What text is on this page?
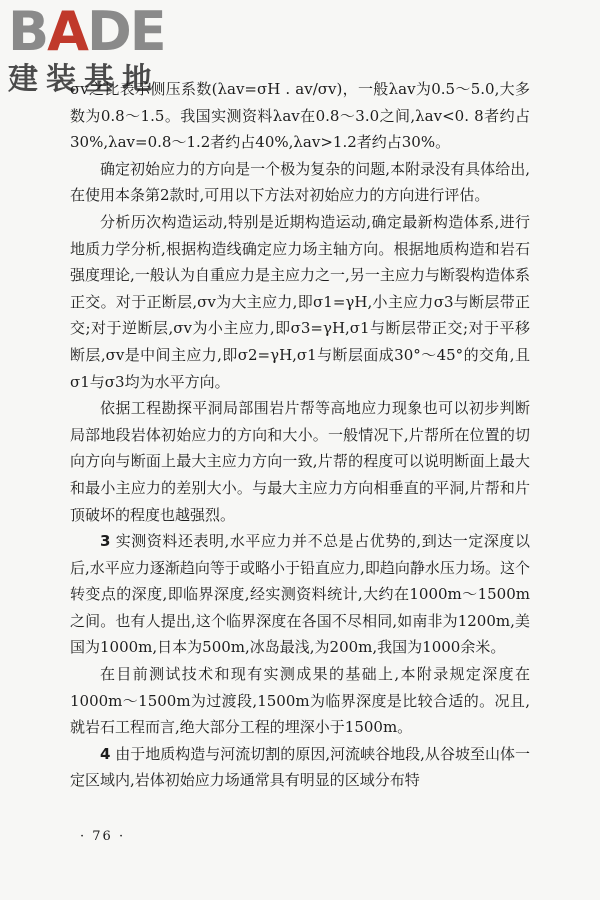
BADE
建装基地

σv之比表示侧压系数(λav=σH . av/σv)，一般λav为0.5～5.0,大多数为0.8～1.5。我国实测资料λav在0.8～3.0之间,λav<0. 8者约占30%,λav=0.8～1.2者约占40%,λav>1.2者约占30%。

确定初始应力的方向是一个极为复杂的问题,本附录没有具体给出,在使用本条第2款时,可用以下方法对初始应力的方向进行评估。

分析历次构造运动,特别是近期构造运动,确定最新构造体系,进行地质力学分析,根据构造线确定应力场主轴方向。根据地质构造和岩石强度理论,一般认为自重应力是主应力之一,另一主应力与断裂构造体系正交。对于正断层,σv为大主应力,即σ1=γH,小主应力σ3与断层带正交;对于逆断层,σv为小主应力,即σ3=γH,σ1与断层带正交;对于平移断层,σv是中间主应力,即σ2=γH,σ1与断层面成30°～45°的交角,且σ1与σ3均为水平方向。

依据工程勘探平洞局部围岩片帮等高地应力现象也可以初步判断局部地段岩体初始应力的方向和大小。一般情况下,片帮所在位置的切向方向与断面上最大主应力方向一致,片帮的程度可以说明断面上最大和最小主应力的差别大小。与最大主应力方向相垂直的平洞,片帮和片顶破坏的程度也越强烈。

3 实测资料还表明,水平应力并不总是占优势的,到达一定深度以后,水平应力逐渐趋向等于或略小于铅直应力,即趋向静水压力场。这个转变点的深度,即临界深度,经实测资料统计,大约在1000m～1500m之间。也有人提出,这个临界深度在各国不尽相同,如南非为1200m,美国为1000m,日本为500m,冰岛最浅,为200m,我国为1000余米。

在目前测试技术和现有实测成果的基础上,本附录规定深度在1000m～1500m为过渡段,1500m为临界深度是比较合适的。况且,就岩石工程而言,绝大部分工程的埋深小于1500m。

4 由于地质构造与河流切割的原因,河流峡谷地段,从谷坡至山体一定区域内,岩体初始应力场通常具有明显的区域分布特

· 76 ·
